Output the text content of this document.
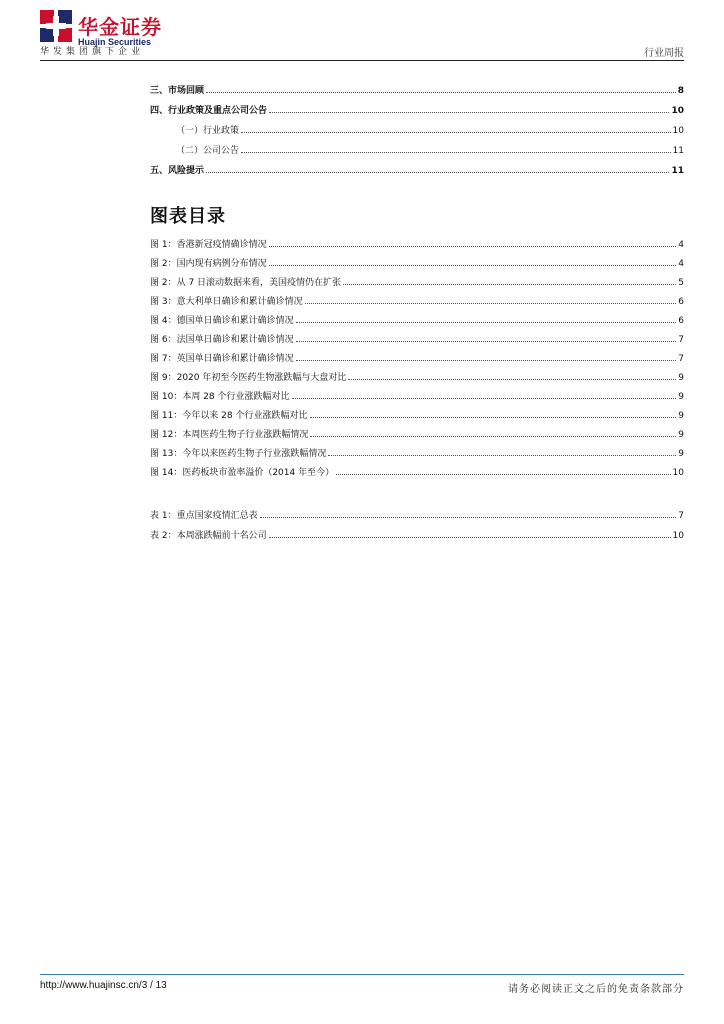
华金证券
Huajin Securities
华发集团旗下企业	行业周报
三、市场回顾	8
四、行业政策及重点公司公告	10
（一）行业政策	10
（二）公司公告	11
五、风险提示	11
图表目录
图 1：香港新冠疫情确诊情况	4
图 2：国内现有病例分布情况	4
图 2：从 7 日滚动数据来看，美国疫情仍在扩张	5
图 3：意大利单日确诊和累计确诊情况	6
图 4：德国单日确诊和累计确诊情况	6
图 6：法国单日确诊和累计确诊情况	7
图 7：英国单日确诊和累计确诊情况	7
图 9：2020 年初至今医药生物涨跌幅与大盘对比	9
图 10：本周 28 个行业涨跌幅对比	9
图 11：今年以来 28 个行业涨跌幅对比	9
图 12：本周医药生物子行业涨跌幅情况	9
图 13：今年以来医药生物子行业涨跌幅情况	9
图 14：医药板块市盈率溢价（2014 年至今）	10
表 1：重点国家疫情汇总表	7
表 2：本周涨跌幅前十名公司	10
http://www.huajinsc.cn/3 / 13	请务必阅读正文之后的免责条款部分
